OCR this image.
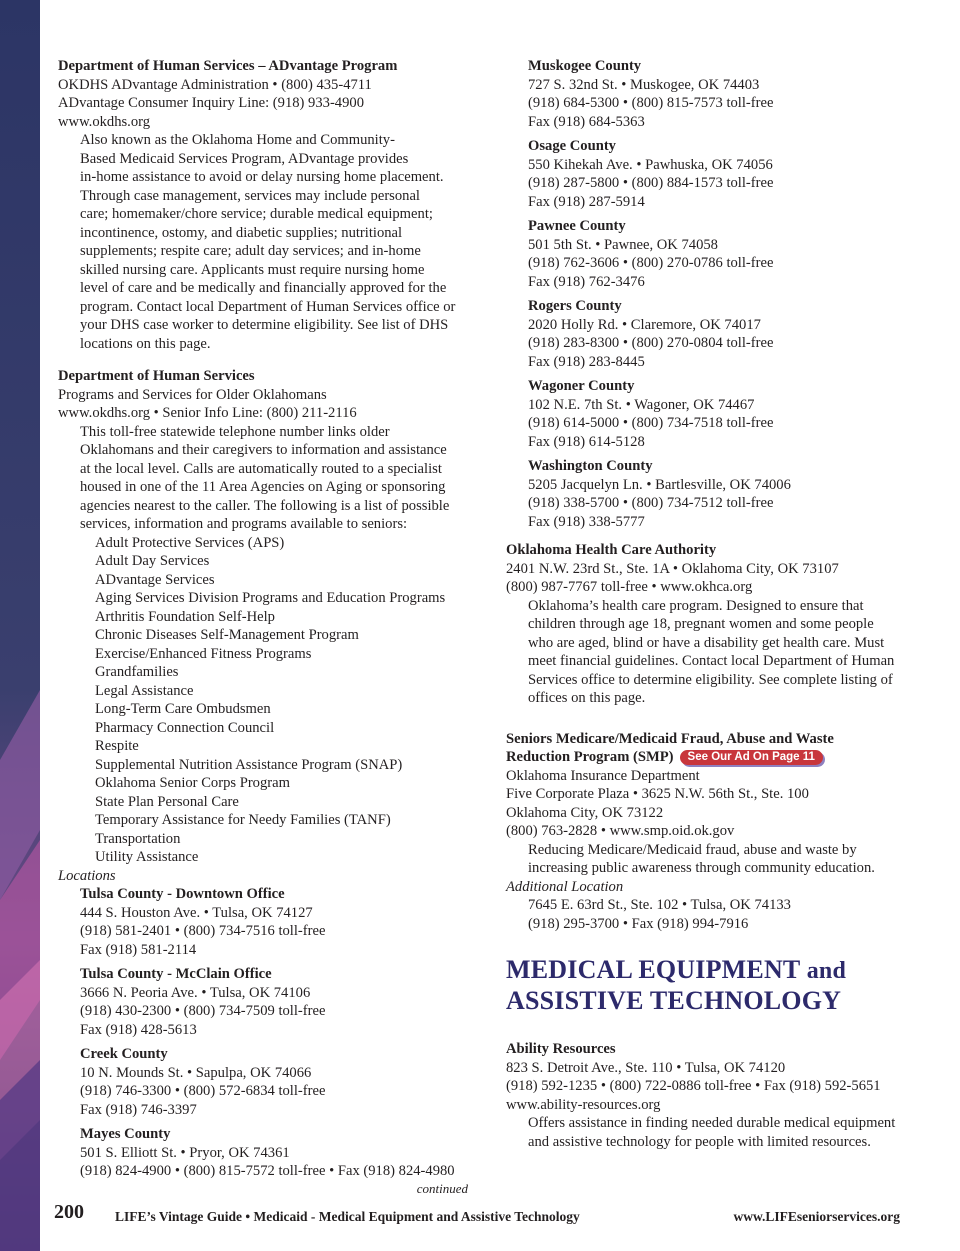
Department of Human Services – ADvantage Program
OKDHS ADvantage Administration • (800) 435-4711
ADvantage Consumer Inquiry Line: (918) 933-4900
www.okdhs.org
Also known as the Oklahoma Home and Community-
Based Medicaid Services Program, ADvantage provides
in-home assistance to avoid or delay nursing home placement.
Through case management, services may include personal
care; homemaker/chore service; durable medical equipment;
incontinence, ostomy, and diabetic supplies; nutritional
supplements; respite care; adult day services; and in-home
skilled nursing care. Applicants must require nursing home
level of care and be medically and financially approved for the
program. Contact local Department of Human Services office or
your DHS case worker to determine eligibility. See list of DHS
locations on this page.
Department of Human Services
Programs and Services for Older Oklahomans
www.okdhs.org • Senior Info Line: (800) 211-2116
This toll-free statewide telephone number links older
Oklahomans and their caregivers to information and assistance
at the local level. Calls are automatically routed to a specialist
housed in one of the 11 Area Agencies on Aging or sponsoring
agencies nearest to the caller. The following is a list of possible
services, information and programs available to seniors:
Adult Protective Services (APS)
Adult Day Services
ADvantage Services
Aging Services Division Programs and Education Programs
Arthritis Foundation Self-Help
Chronic Diseases Self-Management Program
Exercise/Enhanced Fitness Programs
Grandfamilies
Legal Assistance
Long-Term Care Ombudsmen
Pharmacy Connection Council
Respite
Supplemental Nutrition Assistance Program (SNAP)
Oklahoma Senior Corps Program
State Plan Personal Care
Temporary Assistance for Needy Families (TANF)
Transportation
Utility Assistance
Locations
Tulsa County - Downtown Office
444 S. Houston Ave. • Tulsa, OK 74127
(918) 581-2401 • (800) 734-7516 toll-free
Fax (918) 581-2114
Tulsa County - McClain Office
3666 N. Peoria Ave. • Tulsa, OK 74106
(918) 430-2300 • (800) 734-7509 toll-free
Fax (918) 428-5613
Creek County
10 N. Mounds St. • Sapulpa, OK 74066
(918) 746-3300 • (800) 572-6834 toll-free
Fax (918) 746-3397
Mayes County
501 S. Elliott St. • Pryor, OK 74361
(918) 824-4900 • (800) 815-7572 toll-free • Fax (918) 824-4980
continued
Muskogee County
727 S. 32nd St. • Muskogee, OK 74403
(918) 684-5300 • (800) 815-7573 toll-free
Fax (918) 684-5363
Osage County
550 Kihekah Ave. • Pawhuska, OK 74056
(918) 287-5800 • (800) 884-1573 toll-free
Fax (918) 287-5914
Pawnee County
501 5th St. • Pawnee, OK 74058
(918) 762-3606 • (800) 270-0786 toll-free
Fax (918) 762-3476
Rogers County
2020 Holly Rd. • Claremore, OK 74017
(918) 283-8300 • (800) 270-0804 toll-free
Fax (918) 283-8445
Wagoner County
102 N.E. 7th St. • Wagoner, OK 74467
(918) 614-5000 • (800) 734-7518 toll-free
Fax (918) 614-5128
Washington County
5205 Jacquelyn Ln. • Bartlesville, OK 74006
(918) 338-5700 • (800) 734-7512 toll-free
Fax (918) 338-5777
Oklahoma Health Care Authority
2401 N.W. 23rd St., Ste. 1A • Oklahoma City, OK 73107
(800) 987-7767 toll-free • www.okhca.org
Oklahoma’s health care program. Designed to ensure that
children through age 18, pregnant women and some people
who are aged, blind or have a disability get health care. Must
meet financial guidelines. Contact local Department of Human
Services office to determine eligibility. See complete listing of
offices on this page.
Seniors Medicare/Medicaid Fraud, Abuse and Waste
Reduction Program (SMP) See Our Ad On Page 11
Oklahoma Insurance Department
Five Corporate Plaza • 3625 N.W. 56th St., Ste. 100
Oklahoma City, OK 73122
(800) 763-2828 • www.smp.oid.ok.gov
Reducing Medicare/Medicaid fraud, abuse and waste by
increasing public awareness through community education.
Additional Location
7645 E. 63rd St., Ste. 102 • Tulsa, OK 74133
(918) 295-3700 • Fax (918) 994-7916
MEDICAL EQUIPMENT and
ASSISTIVE TECHNOLOGY
Ability Resources
823 S. Detroit Ave., Ste. 110 • Tulsa, OK 74120
(918) 592-1235 • (800) 722-0886 toll-free • Fax (918) 592-5651
www.ability-resources.org
Offers assistance in finding needed durable medical equipment
and assistive technology for people with limited resources.
200 LIFE’s Vintage Guide • Medicaid - Medical Equipment and Assistive Technology	www.LIFEseniorservices.org
